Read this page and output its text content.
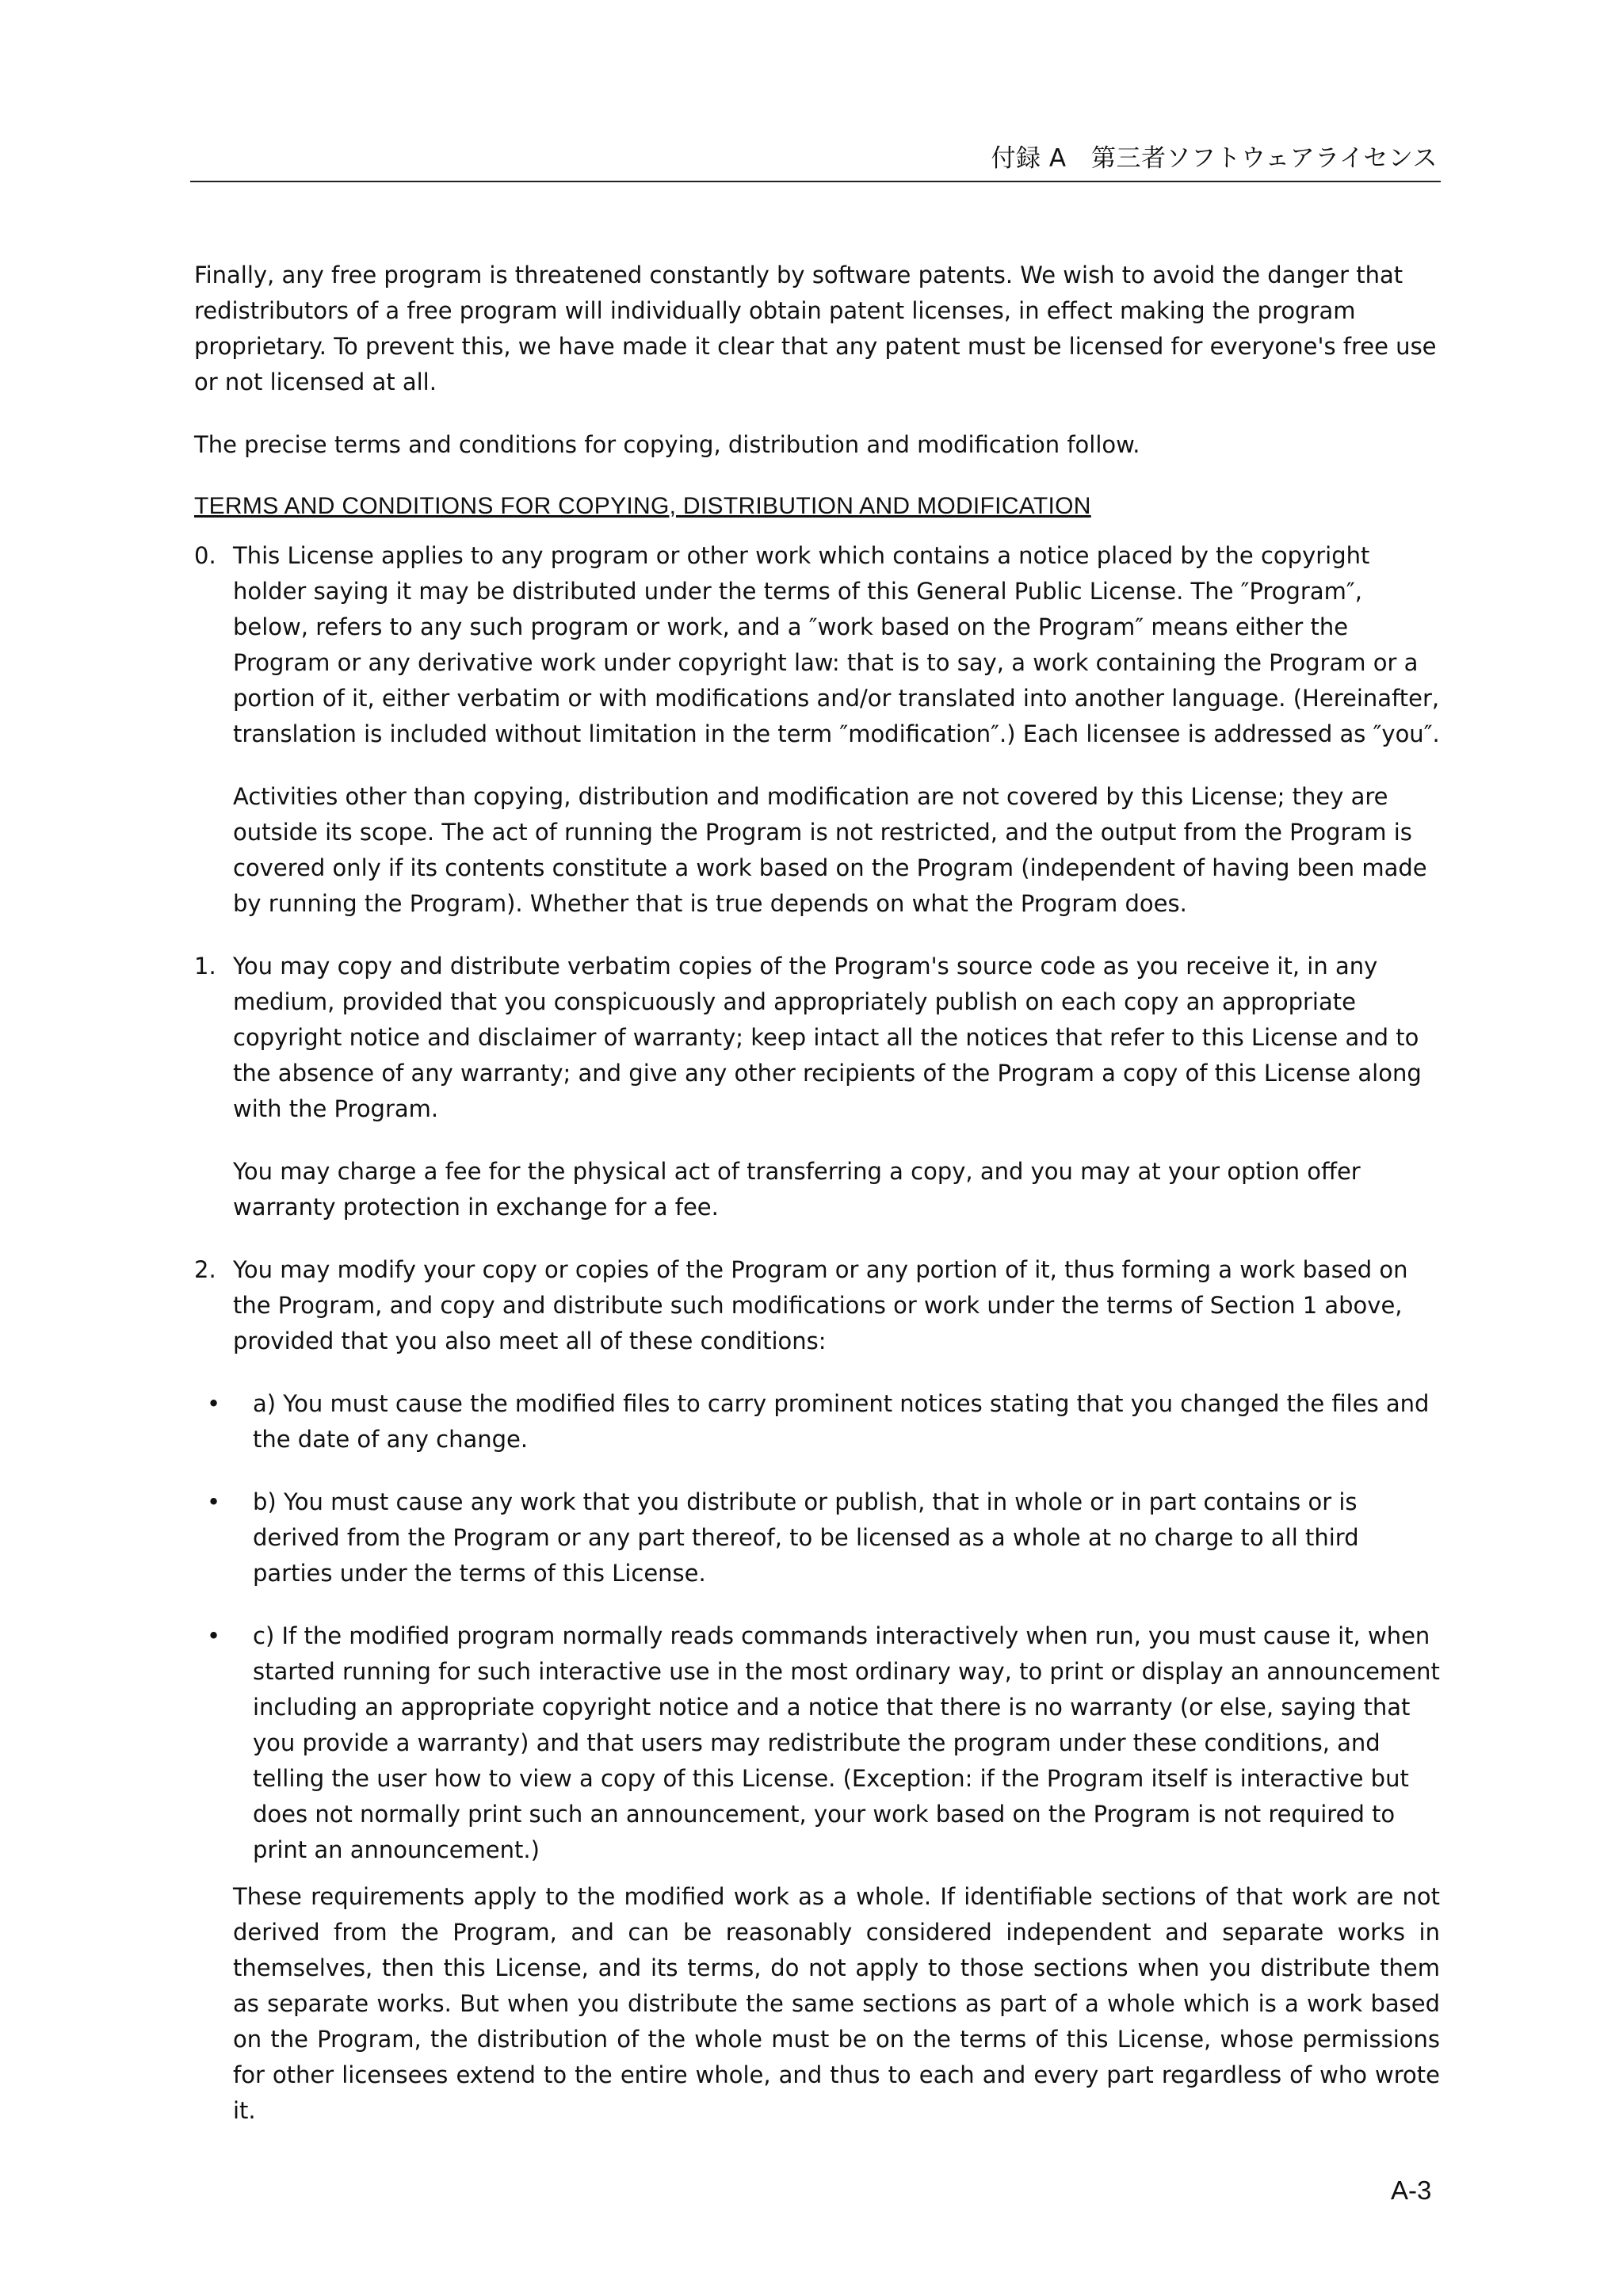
付録 A　第三者ソフトウェアライセンス

Finally, any free program is threatened constantly by software patents. We wish to avoid the danger that redistributors of a free program will individually obtain patent licenses, in effect making the program proprietary. To prevent this, we have made it clear that any patent must be licensed for everyone's free use or not licensed at all.

The precise terms and conditions for copying, distribution and modification follow.

TERMS AND CONDITIONS FOR COPYING, DISTRIBUTION AND MODIFICATION

0. This License applies to any program or other work which contains a notice placed by the copyright holder saying it may be distributed under the terms of this General Public License. The ″Program″, below, refers to any such program or work, and a ″work based on the Program″ means either the Program or any derivative work under copyright law: that is to say, a work containing the Program or a portion of it, either verbatim or with modifications and/or translated into another language. (Hereinafter, translation is included without limitation in the term ″modification″.) Each licensee is addressed as ″you″.

Activities other than copying, distribution and modification are not covered by this License; they are outside its scope. The act of running the Program is not restricted, and the output from the Program is covered only if its contents constitute a work based on the Program (independent of having been made by running the Program). Whether that is true depends on what the Program does.

1. You may copy and distribute verbatim copies of the Program's source code as you receive it, in any medium, provided that you conspicuously and appropriately publish on each copy an appropriate copyright notice and disclaimer of warranty; keep intact all the notices that refer to this License and to the absence of any warranty; and give any other recipients of the Program a copy of this License along with the Program.

You may charge a fee for the physical act of transferring a copy, and you may at your option offer warranty protection in exchange for a fee.

2. You may modify your copy or copies of the Program or any portion of it, thus forming a work based on the Program, and copy and distribute such modifications or work under the terms of Section 1 above, provided that you also meet all of these conditions:

• a) You must cause the modified files to carry prominent notices stating that you changed the files and the date of any change.

• b) You must cause any work that you distribute or publish, that in whole or in part contains or is derived from the Program or any part thereof, to be licensed as a whole at no charge to all third parties under the terms of this License.

• c) If the modified program normally reads commands interactively when run, you must cause it, when started running for such interactive use in the most ordinary way, to print or display an announcement including an appropriate copyright notice and a notice that there is no warranty (or else, saying that you provide a warranty) and that users may redistribute the program under these conditions, and telling the user how to view a copy of this License. (Exception: if the Program itself is interactive but does not normally print such an announcement, your work based on the Program is not required to print an announcement.)

These requirements apply to the modified work as a whole. If identifiable sections of that work are not derived from the Program, and can be reasonably considered independent and separate works in themselves, then this License, and its terms, do not apply to those sections when you distribute them as separate works. But when you distribute the same sections as part of a whole which is a work based on the Program, the distribution of the whole must be on the terms of this License, whose permissions for other licensees extend to the entire whole, and thus to each and every part regardless of who wrote it.

A-3
